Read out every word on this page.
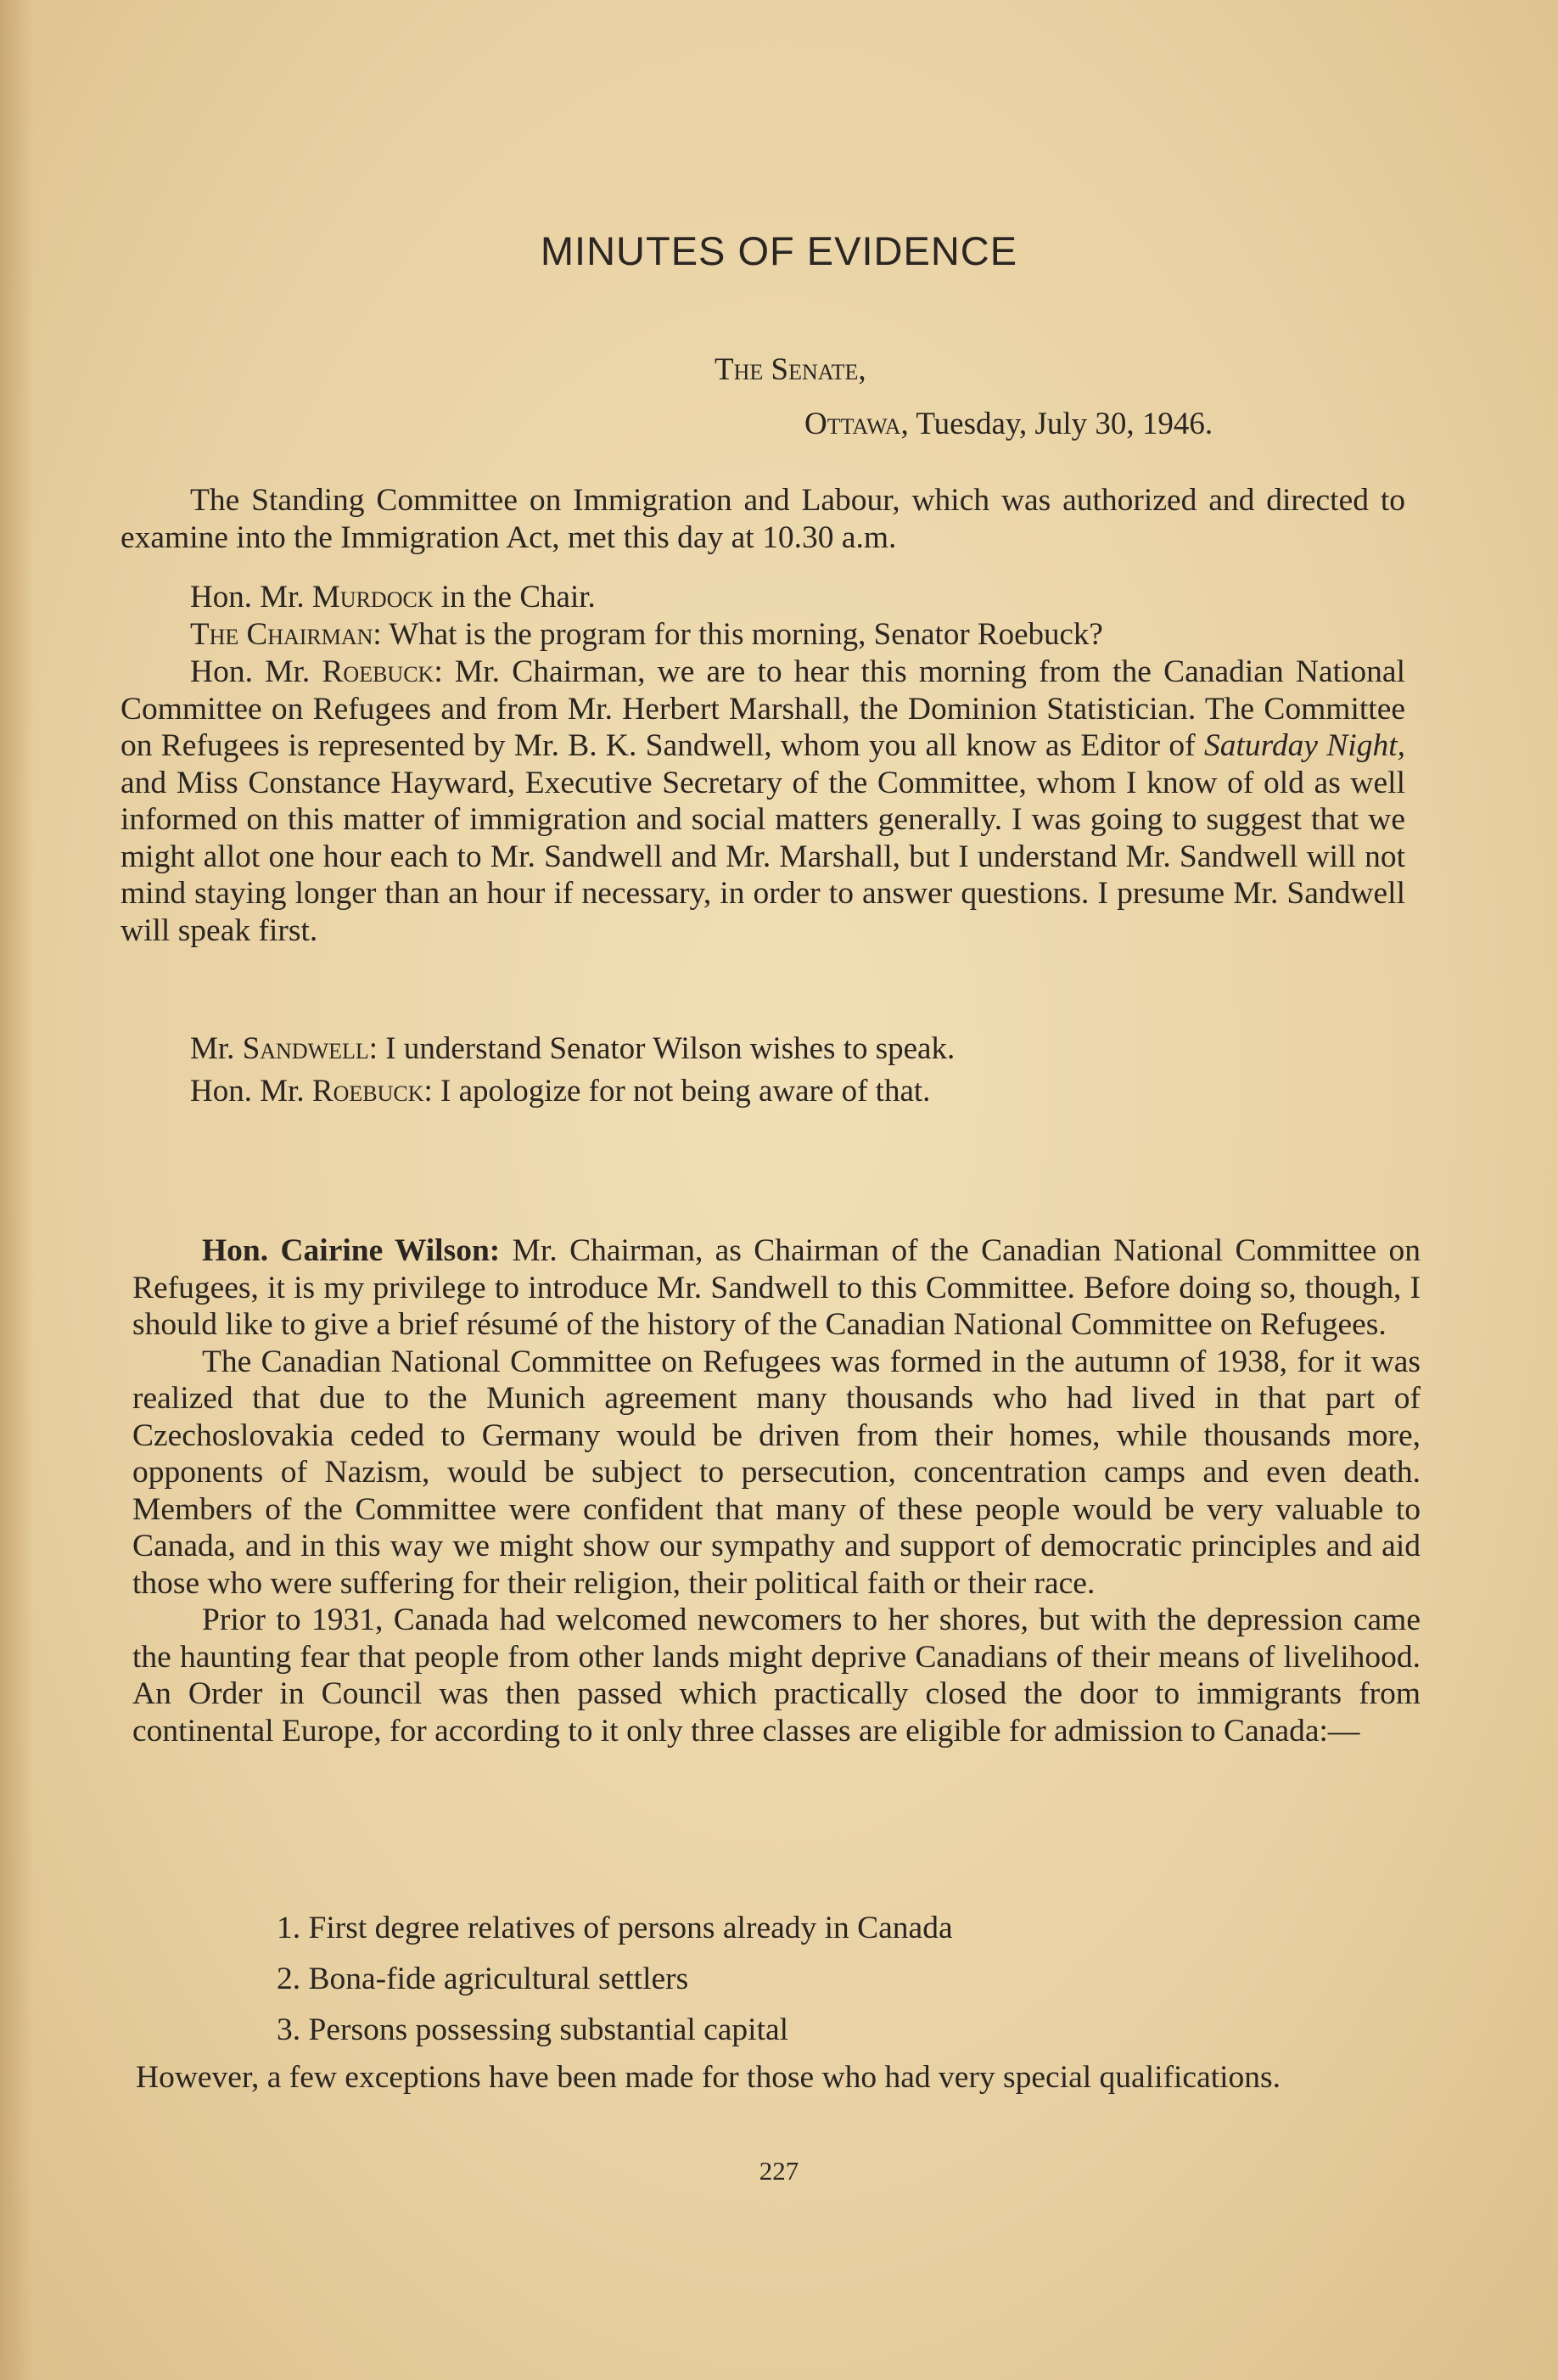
MINUTES OF EVIDENCE
The Senate,
Ottawa, Tuesday, July 30, 1946.
The Standing Committee on Immigration and Labour, which was authorized and directed to examine into the Immigration Act, met this day at 10.30 a.m.
Hon. Mr. Murdock in the Chair.
The Chairman: What is the program for this morning, Senator Roebuck?
Hon. Mr. Roebuck: Mr. Chairman, we are to hear this morning from the Canadian National Committee on Refugees and from Mr. Herbert Marshall, the Dominion Statistician. The Committee on Refugees is represented by Mr. B. K. Sandwell, whom you all know as Editor of Saturday Night, and Miss Constance Hayward, Executive Secretary of the Committee, whom I know of old as well informed on this matter of immigration and social matters generally. I was going to suggest that we might allot one hour each to Mr. Sandwell and Mr. Marshall, but I understand Mr. Sandwell will not mind staying longer than an hour if necessary, in order to answer questions. I presume Mr. Sandwell will speak first.
Mr. Sandwell: I understand Senator Wilson wishes to speak.
Hon. Mr. Roebuck: I apologize for not being aware of that.

Hon. Cairine Wilson: Mr. Chairman, as Chairman of the Canadian National Committee on Refugees, it is my privilege to introduce Mr. Sandwell to this Committee. Before doing so, though, I should like to give a brief résumé of the history of the Canadian National Committee on Refugees.

The Canadian National Committee on Refugees was formed in the autumn of 1938, for it was realized that due to the Munich agreement many thousands who had lived in that part of Czechoslovakia ceded to Germany would be driven from their homes, while thousands more, opponents of Nazism, would be subject to persecution, concentration camps and even death. Members of the Committee were confident that many of these people would be very valuable to Canada, and in this way we might show our sympathy and support of democratic principles and aid those who were suffering for their religion, their political faith or their race.

Prior to 1931, Canada had welcomed newcomers to her shores, but with the depression came the haunting fear that people from other lands might deprive Canadians of their means of livelihood. An Order in Council was then passed which practically closed the door to immigrants from continental Europe, for according to it only three classes are eligible for admission to Canada:—

1. First degree relatives of persons already in Canada
2. Bona-fide agricultural settlers
3. Persons possessing substantial capital
However, a few exceptions have been made for those who had very special qualifications.
227
